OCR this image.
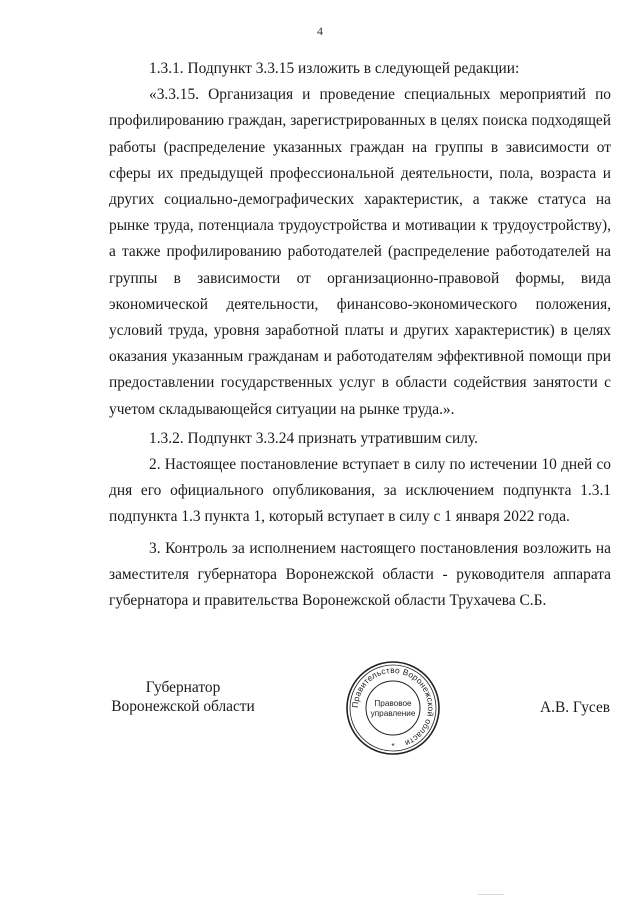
4

1.3.1. Подпункт 3.3.15 изложить в следующей редакции:

«3.3.15. Организация и проведение специальных мероприятий по профилированию граждан, зарегистрированных в целях поиска подходящей работы (распределение указанных граждан на группы в зависимости от сферы их предыдущей профессиональной деятельности, пола, возраста и других социально-демографических характеристик, а также статуса на рынке труда, потенциала трудоустройства и мотивации к трудоустройству), а также профилированию работодателей (распределение работодателей на группы в зависимости от организационно-правовой формы, вида экономической деятельности, финансово-экономического положения, условий труда, уровня заработной платы и других характеристик) в целях оказания указанным гражданам и работодателям эффективной помощи при предоставлении государственных услуг в области содействия занятости с учетом складывающейся ситуации на рынке труда.».

1.3.2. Подпункт 3.3.24 признать утратившим силу.

2. Настоящее постановление вступает в силу по истечении 10 дней со дня его официального опубликования, за исключением подпункта 1.3.1 подпункта 1.3 пункта 1, который вступает в силу с 1 января 2022 года.

3. Контроль за исполнением настоящего постановления возложить на заместителя губернатора Воронежской области - руководителя аппарата губернатора и правительства Воронежской области Трухачева С.Б.

Губернатор
Воронежской области	Правительство Воронежской области
Правовое
управление
*
А.В. Гусев
